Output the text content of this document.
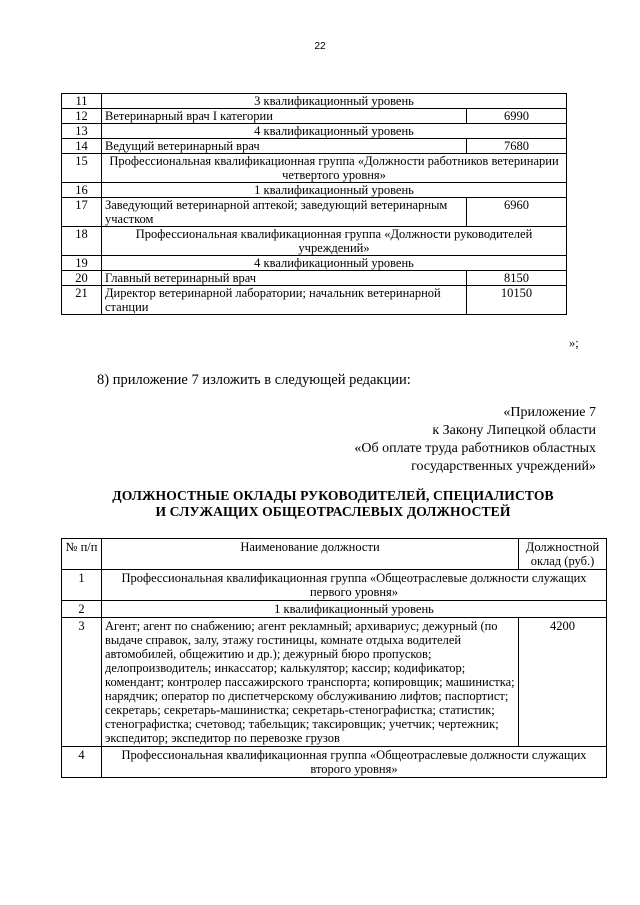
22
11	3 квалификационный уровень	
12	Ветеринарный врач I категории	6990
13	4 квалификационный уровень	
14	Ведущий ветеринарный врач	7680
15	Профессиональная квалификационная группа «Должности работников ветеринарии четвертого уровня»	
16	1 квалификационный уровень	
17	Заведующий ветеринарной аптекой; заведующий ветеринарным участком	6960
18	Профессиональная квалификационная группа «Должности руководителей учреждений»	
19	4 квалификационный уровень	
20	Главный ветеринарный врач	8150
21	Директор ветеринарной лаборатории; начальник ветеринарной станции	10150
»;
8) приложение 7 изложить в следующей редакции:
«Приложение 7
к Закону Липецкой области
«Об оплате труда работников областных
государственных учреждений»
ДОЛЖНОСТНЫЕ ОКЛАДЫ РУКОВОДИТЕЛЕЙ, СПЕЦИАЛИСТОВ
И СЛУЖАЩИХ ОБЩЕОТРАСЛЕВЫХ ДОЛЖНОСТЕЙ
№ п/п	Наименование должности	Должностной оклад (руб.)
1	Профессиональная квалификационная группа «Общеотраслевые должности служащих первого уровня»	
2	1 квалификационный уровень	
3	Агент; агент по снабжению; агент рекламный; архивариус; дежурный (по выдаче справок, залу, этажу гостиницы, комнате отдыха водителей автомобилей, общежитию и др.); дежурный бюро пропусков; делопроизводитель; инкассатор; калькулятор; кассир; кодификатор; комендант; контролер пассажирского транспорта; копировщик; машинистка; нарядчик; оператор по диспетчерскому обслуживанию лифтов; паспортист; секретарь; секретарь-машинистка; секретарь-стенографистка; статистик; стенографистка; счетовод; табельщик; таксировщик; учетчик; чертежник; экспедитор; экспедитор по перевозке грузов	4200
4	Профессиональная квалификационная группа «Общеотраслевые должности служащих второго уровня»	
